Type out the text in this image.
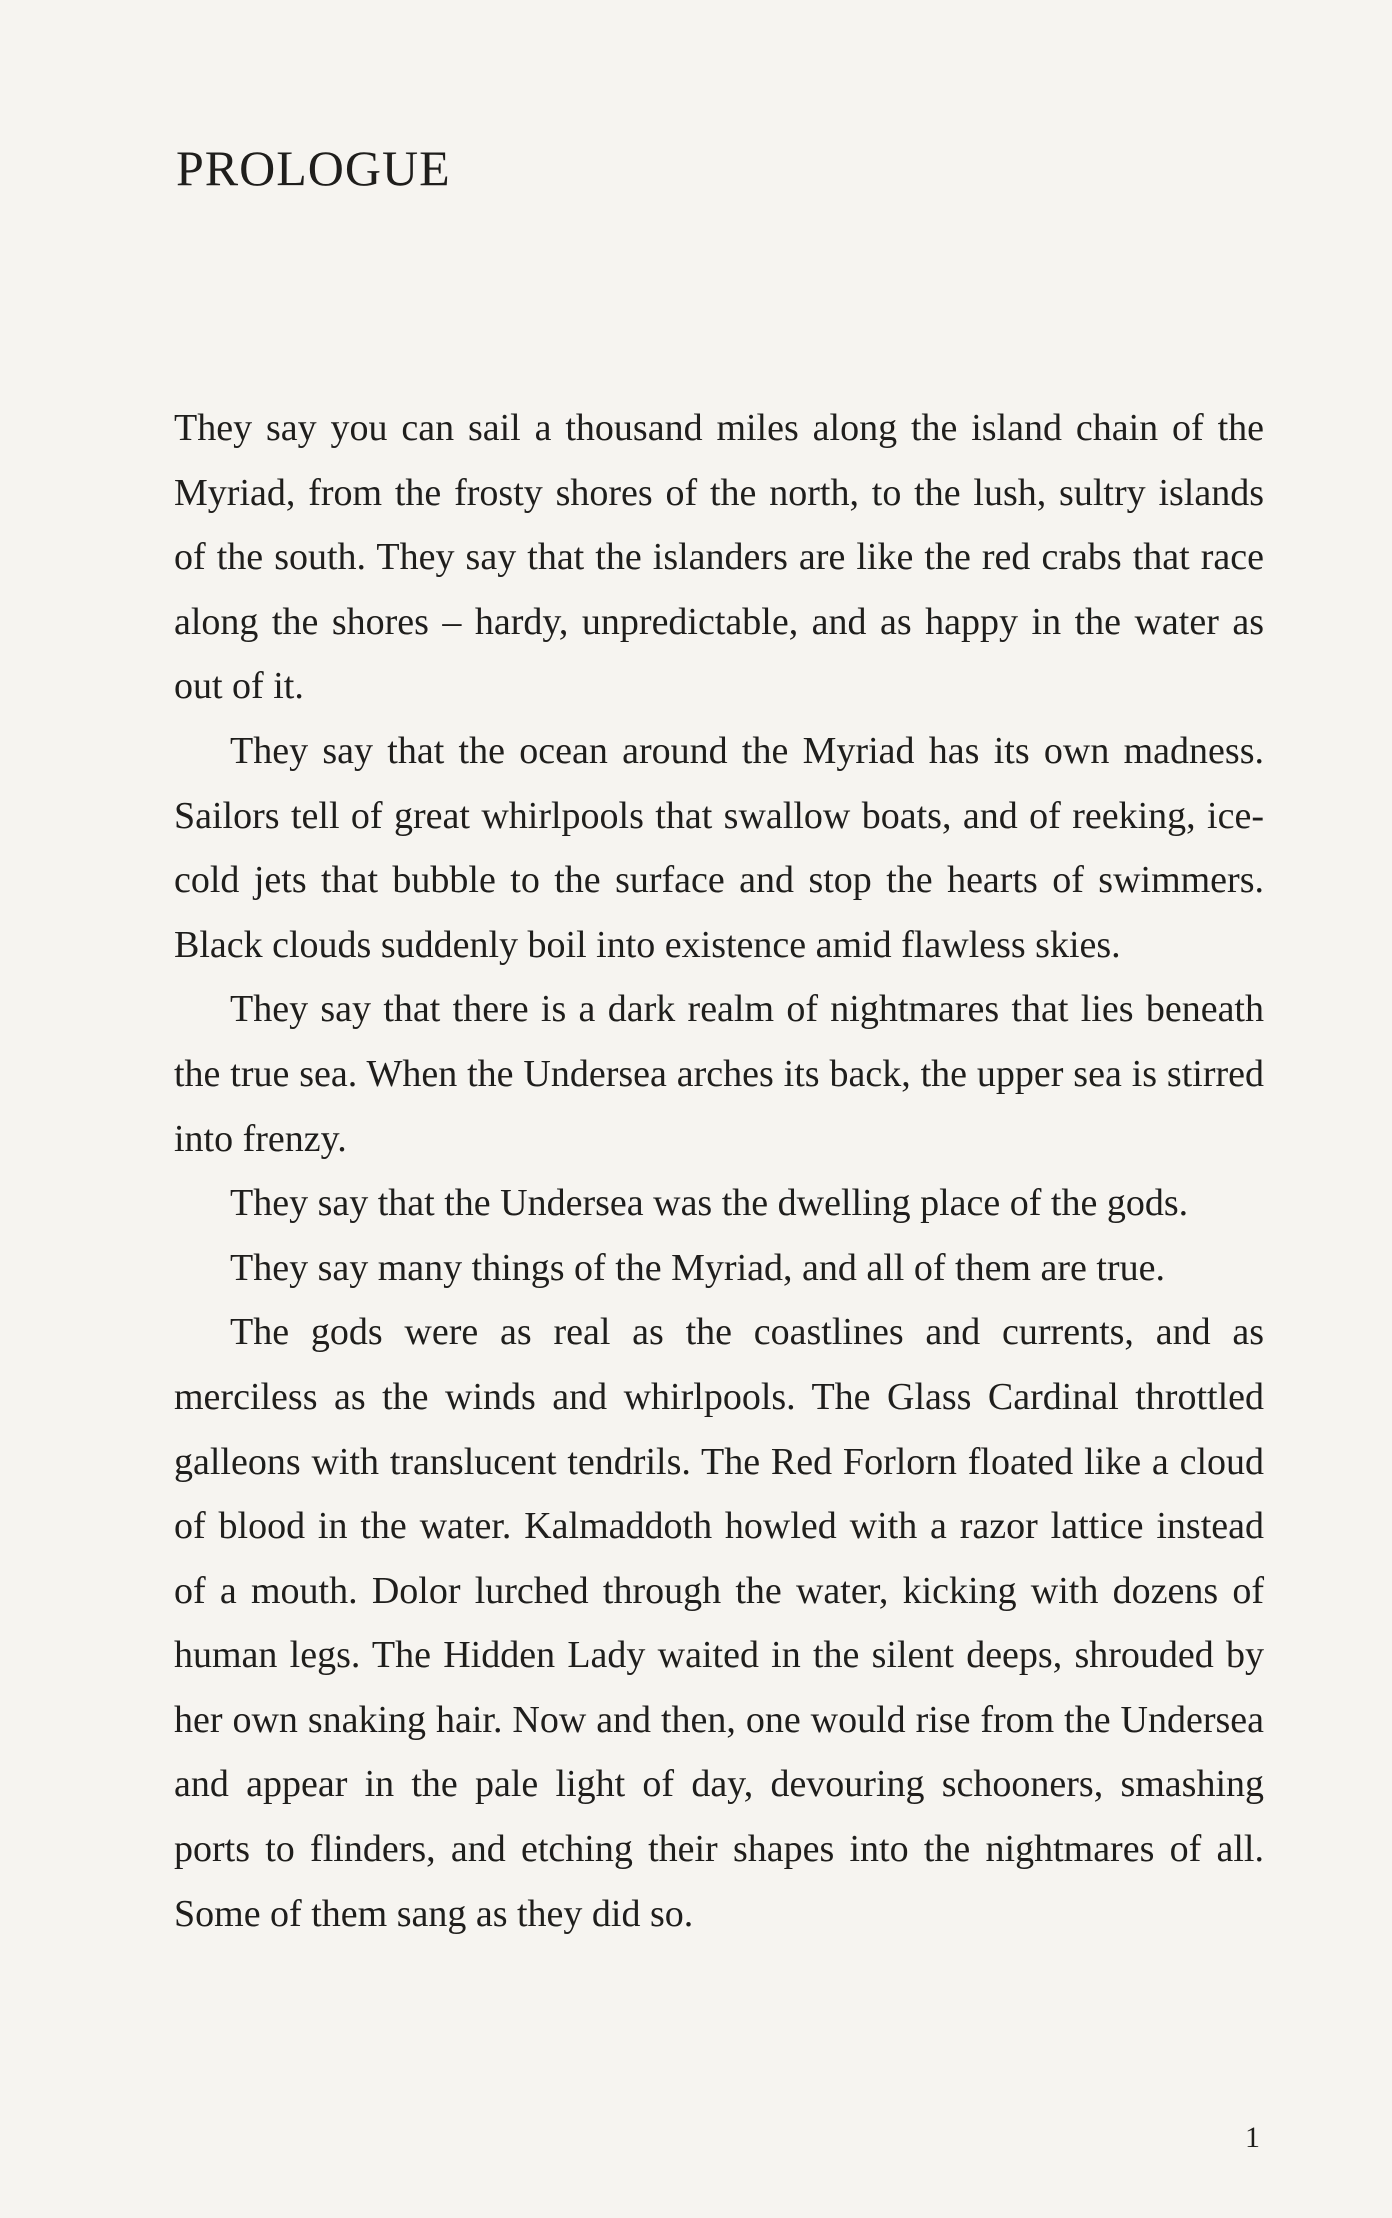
PROLOGUE

They say you can sail a thousand miles along the island chain of the Myriad, from the frosty shores of the north, to the lush, sultry islands of the south. They say that the islanders are like the red crabs that race along the shores – hardy, unpredictable, and as happy in the water as out of it.

They say that the ocean around the Myriad has its own madness. Sailors tell of great whirlpools that swallow boats, and of reeking, ice-cold jets that bubble to the surface and stop the hearts of swimmers. Black clouds suddenly boil into existence amid flawless skies.

They say that there is a dark realm of nightmares that lies beneath the true sea. When the Undersea arches its back, the upper sea is stirred into frenzy.

They say that the Undersea was the dwelling place of the gods.

They say many things of the Myriad, and all of them are true.

The gods were as real as the coastlines and currents, and as merciless as the winds and whirlpools. The Glass Cardinal throttled galleons with translucent tendrils. The Red Forlorn floated like a cloud of blood in the water. Kalmaddoth howled with a razor lattice instead of a mouth. Dolor lurched through the water, kicking with dozens of human legs. The Hidden Lady waited in the silent deeps, shrouded by her own snaking hair. Now and then, one would rise from the Undersea and appear in the pale light of day, devouring schooners, smashing ports to flinders, and etching their shapes into the nightmares of all. Some of them sang as they did so.

1
